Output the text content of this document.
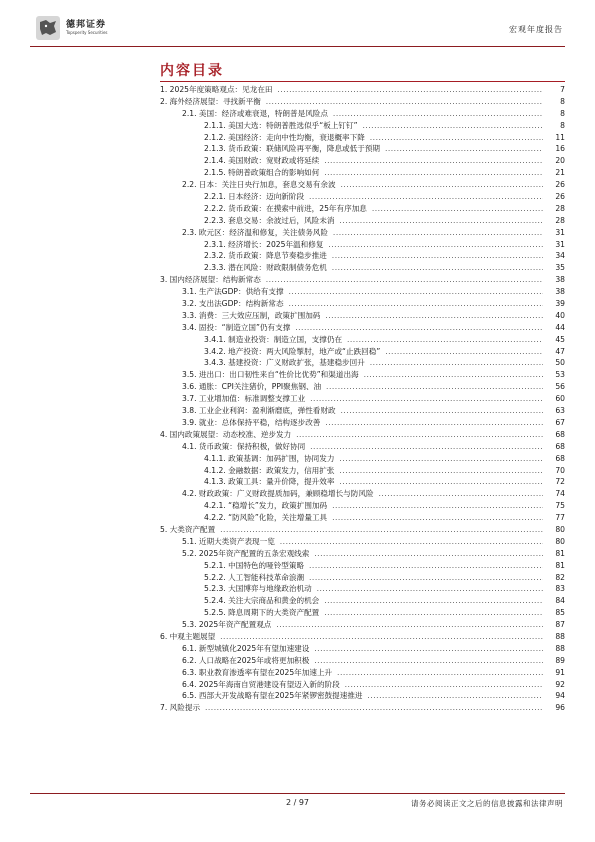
德邦证券
Topsperity Securities	宏观年度报告
内容目录
1. 2025年度策略观点：见龙在田 .....	7
2. 海外经济展望：寻找新平衡 .....	8
2.1. 美国：经济或难衰退，特朗普是风险点 .....	8
2.1.1. 美国大选：特朗普胜选似乎“板上钉钉” .....	8
2.1.2. 美国经济：走向中性均衡，衰退概率下降 .....	11
2.1.3. 货币政策：联储风险再平衡，降息或低于预期 .....	16
2.1.4. 美国财政：宽财政或将延续 .....	20
2.1.5. 特朗普政策组合的影响如何 .....	21
2.2. 日本：关注日央行加息，套息交易有余波 .....	26
2.2.1. 日本经济：迈向新阶段 .....	26
2.2.2. 货币政策：在摸索中前进，25年有序加息 .....	28
2.2.3. 套息交易：余波过后，风险未消 .....	28
2.3. 欧元区：经济温和修复，关注债务风险 .....	31
2.3.1. 经济增长：2025年温和修复 .....	31
2.3.2. 货币政策：降息节奏稳步推进 .....	34
2.3.3. 潜在风险：财政限制债务危机 .....	35
3. 国内经济展望：结构新常态 .....	38
3.1. 生产法GDP：供给有支撑 .....	38
3.2. 支出法GDP：结构新常态 .....	39
3.3. 消费：三大效应压制，政策扩围加码 .....	40
3.4. 固投：“制造立国”仍有支撑 .....	44
3.4.1. 制造业投资：制造立国，支撑仍在 .....	45
3.4.2. 地产投资：两大风险掣肘，地产或“止跌回稳” .....	47
3.4.3. 基建投资：广义财政扩张，基建稳步回升 .....	50
3.5. 进出口：出口韧性来自“性价比优势”和渠道出海 .....	53
3.6. 通胀：CPI关注猪价，PPI聚焦钢、油 .....	56
3.7. 工业增加值：标准调整支撑工业 .....	60
3.8. 工业企业利润：盈利渐磨底，弹性看财政 .....	63
3.9. 就业：总体保持平稳，结构逐步改善 .....	67
4. 国内政策展望：动态校准、逆步发力 .....	68
4.1. 货币政策：保持积极，做好协同 .....	68
4.1.1. 政策基调：加码扩围，协同发力 .....	68
4.1.2. 金融数据：政策发力，信用扩张 .....	70
4.1.3. 政策工具：量升价降，提升效率 .....	72
4.2. 财政政策：广义财政提质加码，兼顾稳增长与防风险 .....	74
4.2.1. “稳增长”发力，政策扩围加码 .....	75
4.2.2. “防风险”化险，关注增量工具 .....	77
5. 大类资产配置 .....	80
5.1. 近期大类资产表现一览 .....	80
5.2. 2025年资产配置的五条宏观线索 .....	81
5.2.1. 中国特色的哑铃型策略 .....	81
5.2.2. 人工智能科技革命浪潮 .....	82
5.2.3. 大国博弈与地缘政治机动 .....	83
5.2.4. 关注大宗商品和黄金的机会 .....	84
5.2.5. 降息周期下的大类资产配置 .....	85
5.3. 2025年资产配置观点 .....	87
6. 中观主题展望 .....	88
6.1. 新型城镇化2025年有望加速建设 .....	88
6.2. 人口战略在2025年或将更加积极 .....	89
6.3. 职业教育渗透率有望在2025年加速上升 .....	91
6.4. 2025年海南自贸港建设有望迈入新的阶段 .....	92
6.5. 西部大开发战略有望在2025年紧锣密鼓提速推进 .....	94
7. 风险提示 .....	96
2 / 97	请务必阅读正文之后的信息披露和法律声明
